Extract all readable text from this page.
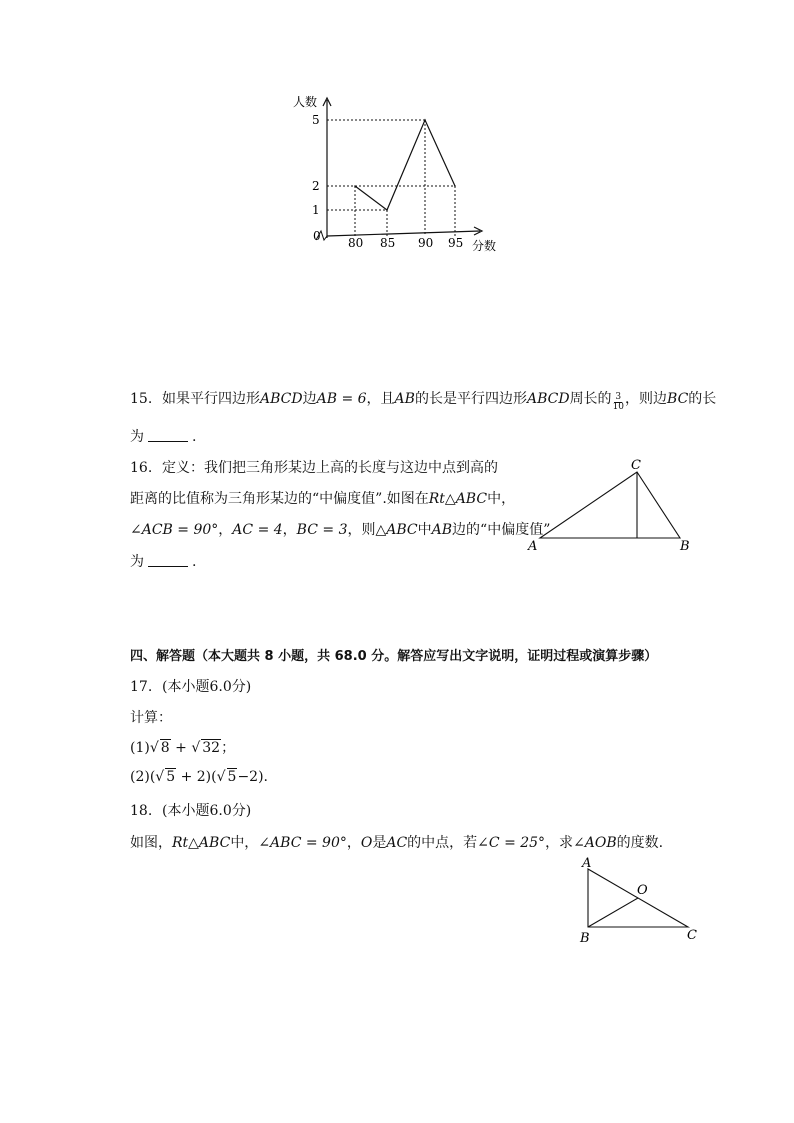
人数
分数
0
5
2
1
80 85 90 95
15. 如果平行四边形ABCD边AB = 6，且AB的长是平行四边形ABCD周长的 $\frac{3}{10}$ ，则边BC的长
为	.
16. 定义：我们把三角形某边上高的长度与这边中点到高的
距离的比值称为三角形某边的“中偏度值”.如图在Rt△ABC中，
∠ACB = 90°，AC = 4，BC = 3，则△ABC中AB边的“中偏度值”
为	.
A	B
C
四、解答题（本大题共 8 小题，共 68.0 分。解答应写出文字说明，证明过程或演算步骤）
17. (本小题6.0分)
计算：
(1)√ 8 + √ 32；
(2)(√ 5 + 2)(√ 5−2).
18. (本小题6.0分)
如图，Rt△ABC中，∠ABC = 90°，O是AC的中点，若∠C = 25°，求∠AOB的度数.
A
B	C
O
